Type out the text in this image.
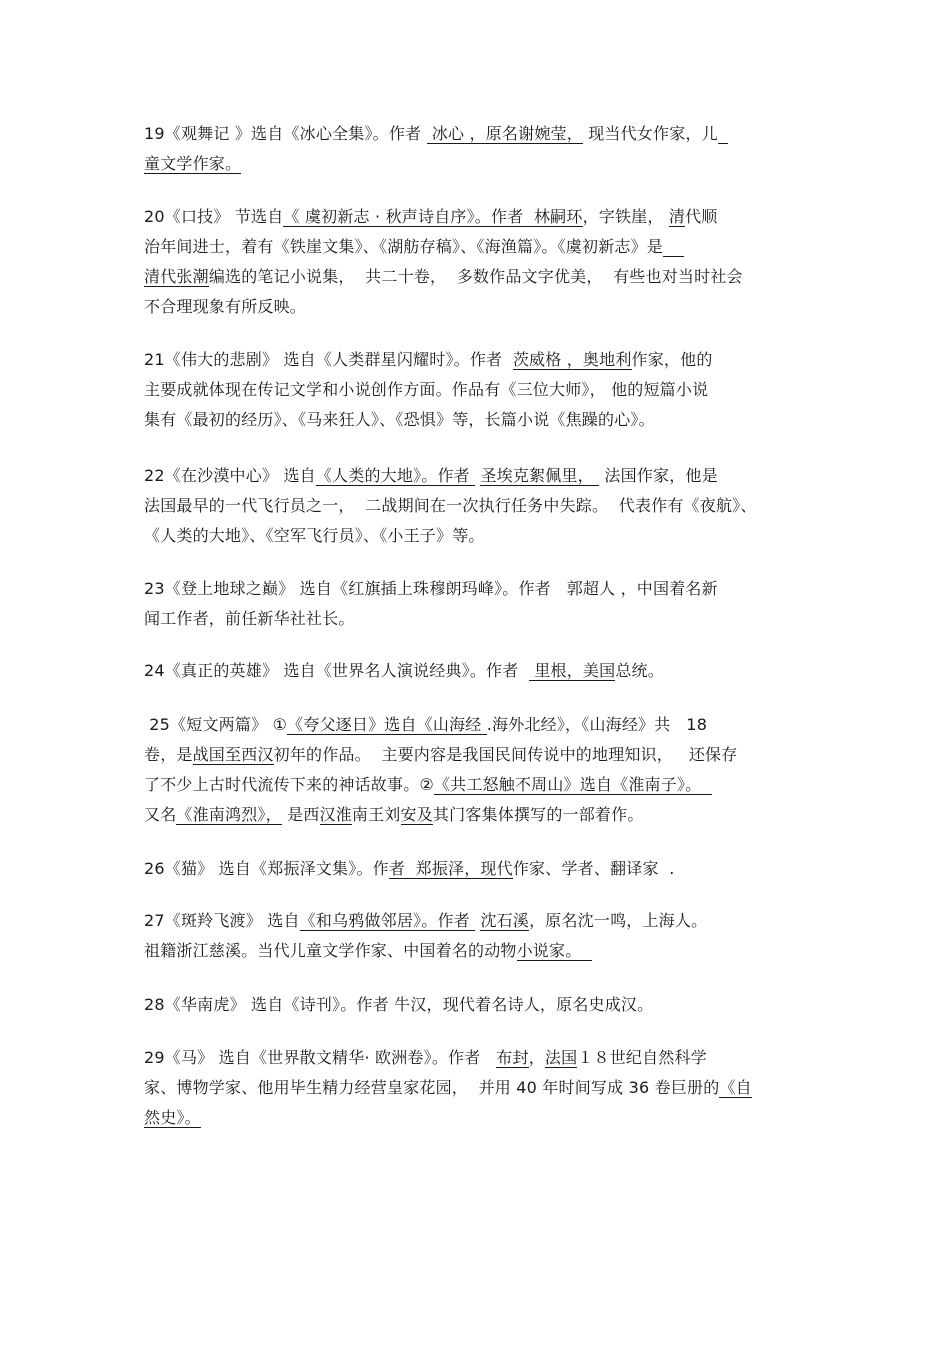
19《观舞记 》选自《冰心全集》。作者  冰心 ，原名谢婉莹， 现当代女作家，儿
童文学作家。
20《口技》 节选自《 虞初新志 · 秋声诗自序》。作者  林嗣环，字铁崖， 清代顺
治年间进士，着有《铁崖文集》、《湖舫存稿》、《海渔篇》。《虞初新志》是
清代张潮编选的笔记小说集，  共二十卷，  多数作品文字优美，  有些也对当时社会
不合理现象有所反映。
21《伟大的悲剧》 选自《人类群星闪耀时》。作者  茨威格 ，奥地利作家，他的
主要成就体现在传记文学和小说创作方面。作品有《三位大师》， 他的短篇小说
集有《最初的经历》、《马来狂人》、《恐惧》等，长篇小说《焦躁的心》。
22《在沙漠中心》 选自《人类的大地》。作者  圣埃克絮佩里，  法国作家，他是
法国最早的一代飞行员之一，  二战期间在一次执行任务中失踪。  代表作有《夜航》、
《人类的大地》、《空军飞行员》、《小王子》等。
23《登上地球之巅》 选自《红旗插上珠穆朗玛峰》。作者   郭超人 ，中国着名新
闻工作者，前任新华社社长。
24《真正的英雄》 选自《世界名人演说经典》。作者   里根，美国总统。
25《短文两篇》 ①《夸父逐日》选自《山海经 .海外北经》，《山海经》共   18
卷，是战国至西汉初年的作品。  主要内容是我国民间传说中的地理知识，   还保存
了不少上古时代流传下来的神话故事。②《共工怒触不周山》选自《淮南子》。
又名《淮南鸿烈》， 是西汉淮南王刘安及其门客集体撰写的一部着作。
26《猫》 选自《郑振泽文集》。作者  郑振泽，现代作家、学者、翻译家  .
27《斑羚飞渡》 选自《和乌鸦做邻居》。作者  沈石溪，原名沈一鸣，上海人。
祖籍浙江慈溪。当代儿童文学作家、中国着名的动物小说家。
28《华南虎》 选自《诗刊》。作者 牛汉，现代着名诗人，原名史成汉。
29《马》 选自《世界散文精华· 欧洲卷》。作者   布封，法国１８世纪自然科学
家、博物学家、他用毕生精力经营皇家花园，  并用 40 年时间写成 36 卷巨册的《自
然史》。
